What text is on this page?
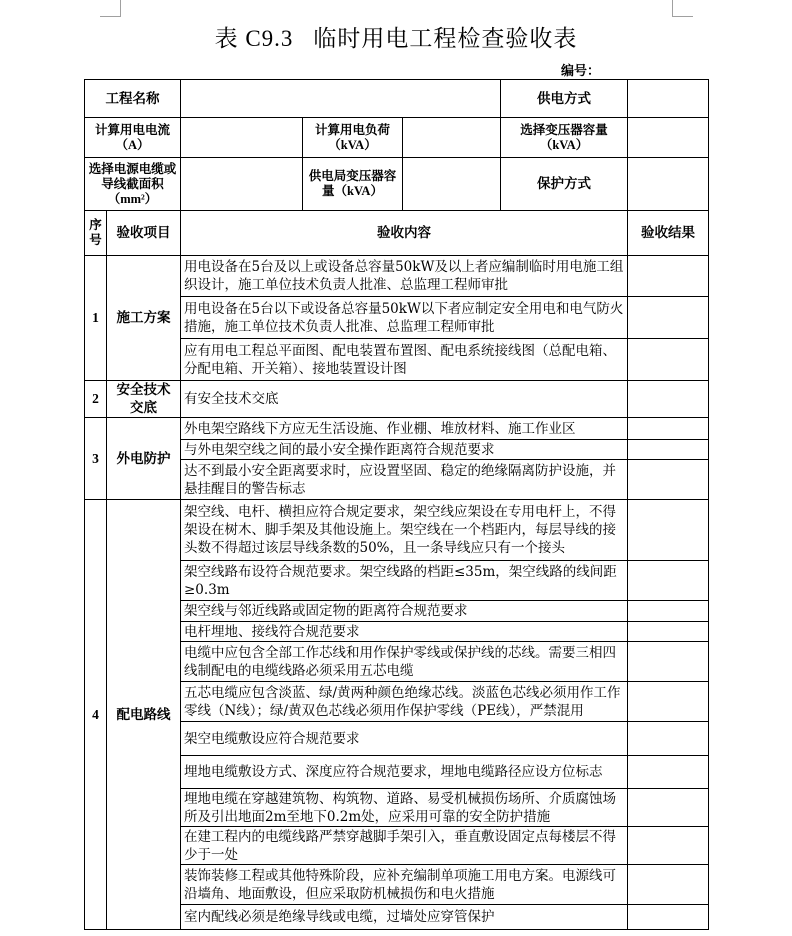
表 C9.3 临时用电工程检查验收表
编号：
工程名称					供电方式	
计算用电电流（A）			计算用电负荷（kVA）		选择变压器容量（kVA）	
选择电源电缆或导线截面积（mm²）			供电局变压器容量（kVA）		保护方式	
序号	验收项目	验收内容				验收结果
1	施工方案	用电设备在5台及以上或设备总容量50kW及以上者应编制临时用电施工组织设计，施工单位技术负责人批准、总监理工程师审批				
		用电设备在5台以下或设备总容量50kW以下者应制定安全用电和电气防火措施，施工单位技术负责人批准、总监理工程师审批				
		应有用电工程总平面图、配电装置布置图、配电系统接线图（总配电箱、分配电箱、开关箱）、接地装置设计图				
2	安全技术交底	有安全技术交底				
3	外电防护	外电架空路线下方应无生活设施、作业棚、堆放材料、施工作业区				
		与外电架空线之间的最小安全操作距离符合规范要求				
		达不到最小安全距离要求时，应设置坚固、稳定的绝缘隔离防护设施，并悬挂醒目的警告标志				
4	配电路线	架空线、电杆、横担应符合规定要求，架空线应架设在专用电杆上，不得架设在树木、脚手架及其他设施上。架空线在一个档距内，每层导线的接头数不得超过该层导线条数的50%，且一条导线应只有一个接头				
		架空线路布设符合规范要求。架空线路的档距≤35m，架空线路的线间距≥0.3m				
		架空线与邻近线路或固定物的距离符合规范要求				
		电杆埋地、接线符合规范要求				
		电缆中应包含全部工作芯线和用作保护零线或保护线的芯线。需要三相四线制配电的电缆线路必须采用五芯电缆				
		五芯电缆应包含淡蓝、绿/黄两种颜色绝缘芯线。淡蓝色芯线必须用作工作零线（N线）；绿/黄双色芯线必须用作保护零线（PE线），严禁混用				
		架空电缆敷设应符合规范要求				
		埋地电缆敷设方式、深度应符合规范要求，埋地电缆路径应设方位标志				
		埋地电缆在穿越建筑物、构筑物、道路、易受机械损伤场所、介质腐蚀场所及引出地面2m至地下0.2m处，应采用可靠的安全防护措施				
		在建工程内的电缆线路严禁穿越脚手架引入，垂直敷设固定点每楼层不得少于一处				
		装饰装修工程或其他特殊阶段，应补充编制单项施工用电方案。电源线可沿墙角、地面敷设，但应采取防机械损伤和电火措施				
		室内配线必须是绝缘导线或电缆，过墙处应穿管保护				
